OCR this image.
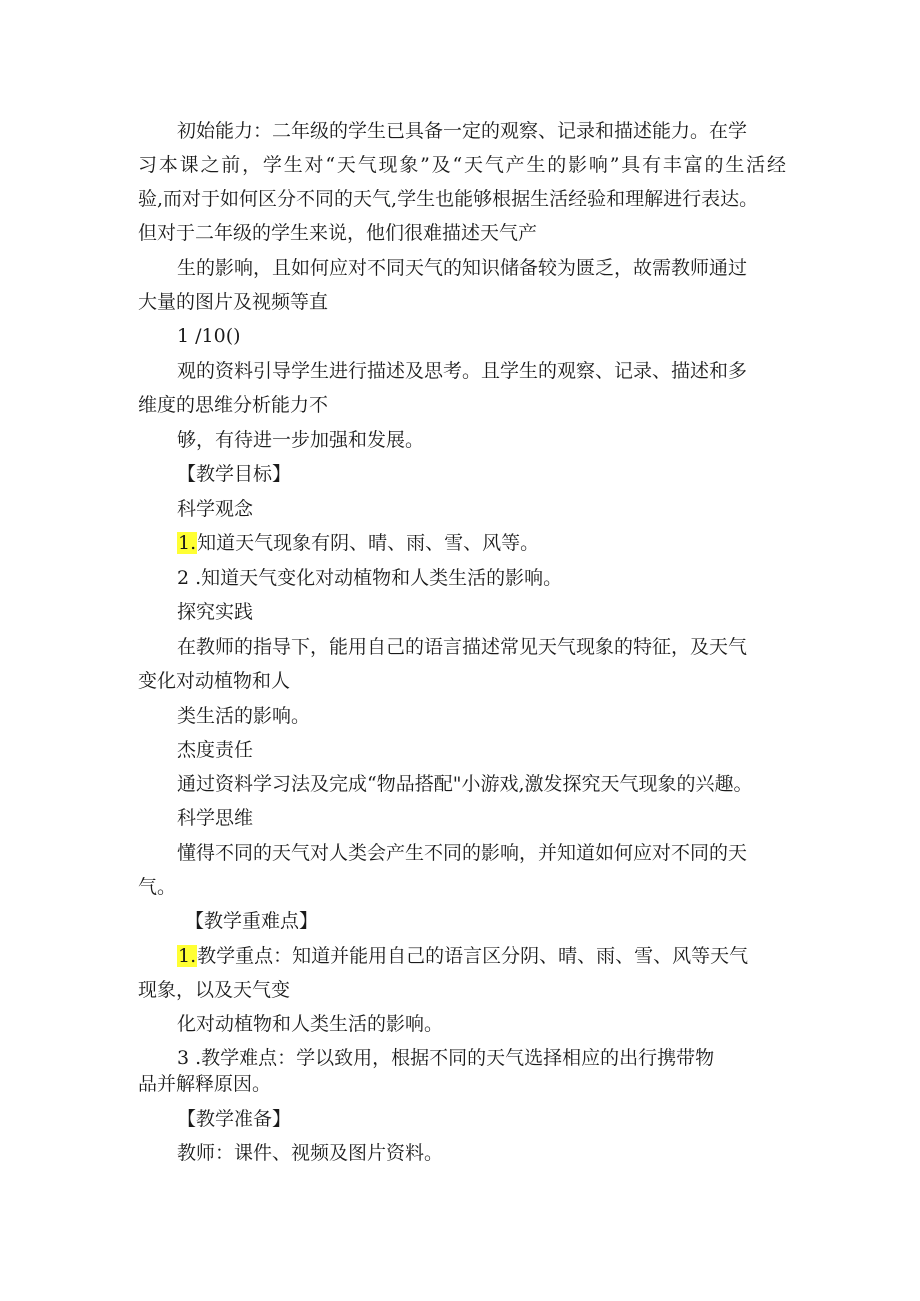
初始能力：二年级的学生已具备一定的观察、记录和描述能力。在学
习本课之前，学生对“天气现象”及“天气产生的影响”具有丰富的生活经
验,而对于如何区分不同的天气,学生也能够根据生活经验和理解进行表达。
但对于二年级的学生来说，他们很难描述天气产
生的影响，且如何应对不同天气的知识储备较为匮乏，故需教师通过
大量的图片及视频等直
1 /10()
观的资料引导学生进行描述及思考。且学生的观察、记录、描述和多
维度的思维分析能力不
够，有待进一步加强和发展。
【教学目标】
科学观念
1.知道天气现象有阴、晴、雨、雪、风等。
2 .知道天气变化对动植物和人类生活的影响。
探究实践
在教师的指导下，能用自己的语言描述常见天气现象的特征，及天气
变化对动植物和人
类生活的影响。
杰度责任
通过资料学习法及完成“物品搭配"小游戏,激发探究天气现象的兴趣。
科学思维
懂得不同的天气对人类会产生不同的影响，并知道如何应对不同的天
气。
【教学重难点】
1.教学重点：知道并能用自己的语言区分阴、晴、雨、雪、风等天气
现象，以及天气变
化对动植物和人类生活的影响。
3 .教学难点：学以致用，根据不同的天气选择相应的出行携带物
品并解释原因。
【教学准备】
教师：课件、视频及图片资料。
